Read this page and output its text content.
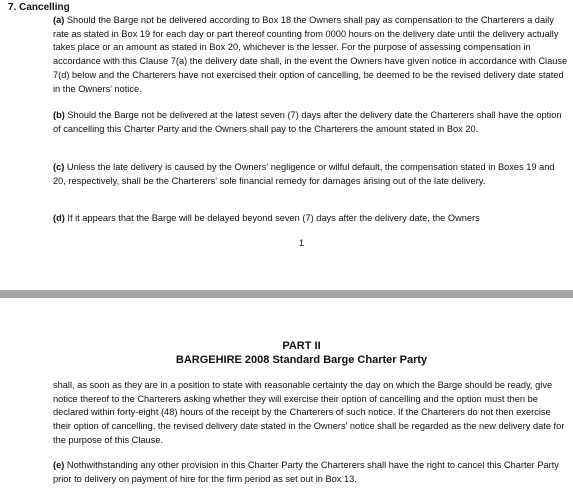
7. Cancelling

(a) Should the Barge not be delivered according to Box 18 the Owners shall pay as compensation to the Charterers a daily rate as stated in Box 19 for each day or part thereof counting from 0000 hours on the delivery date until the delivery actually takes place or an amount as stated in Box 20, whichever is the lesser. For the purpose of assessing compensation in accordance with this Clause 7(a) the delivery date shall, in the event the Owners have given notice in accordance with Clause 7(d) below and the Charterers have not exercised their option of cancelling, be deemed to be the revised delivery date stated in the Owners' notice.

(b) Should the Barge not be delivered at the latest seven (7) days after the delivery date the Charterers shall have the option of cancelling this Charter Party and the Owners shall pay to the Charterers the amount stated in Box 20.

(c) Unless the late delivery is caused by the Owners' negligence or wilful default, the compensation stated in Boxes 19 and 20, respectively, shall be the Charterers' sole financial remedy for damages arising out of the late delivery.

(d) If it appears that the Barge will be delayed beyond seven (7) days after the delivery date, the Owners

1
PART II
BARGEHIRE 2008 Standard Barge Charter Party

shall, as soon as they are in a position to state with reasonable certainty the day on which the Barge should be ready, give notice thereof to the Charterers asking whether they will exercise their option of cancelling and the option must then be declared within forty-eight (48) hours of the receipt by the Charterers of such notice. If the Charterers do not then exercise their option of cancelling, the revised delivery date stated in the Owners' notice shall be regarded as the new delivery date for the purpose of this Clause.

(e) Nothwithstanding any other provision in this Charter Party the Charterers shall have the right to cancel this Charter Party prior to delivery on payment of hire for the firm period as set out in Box 13.
